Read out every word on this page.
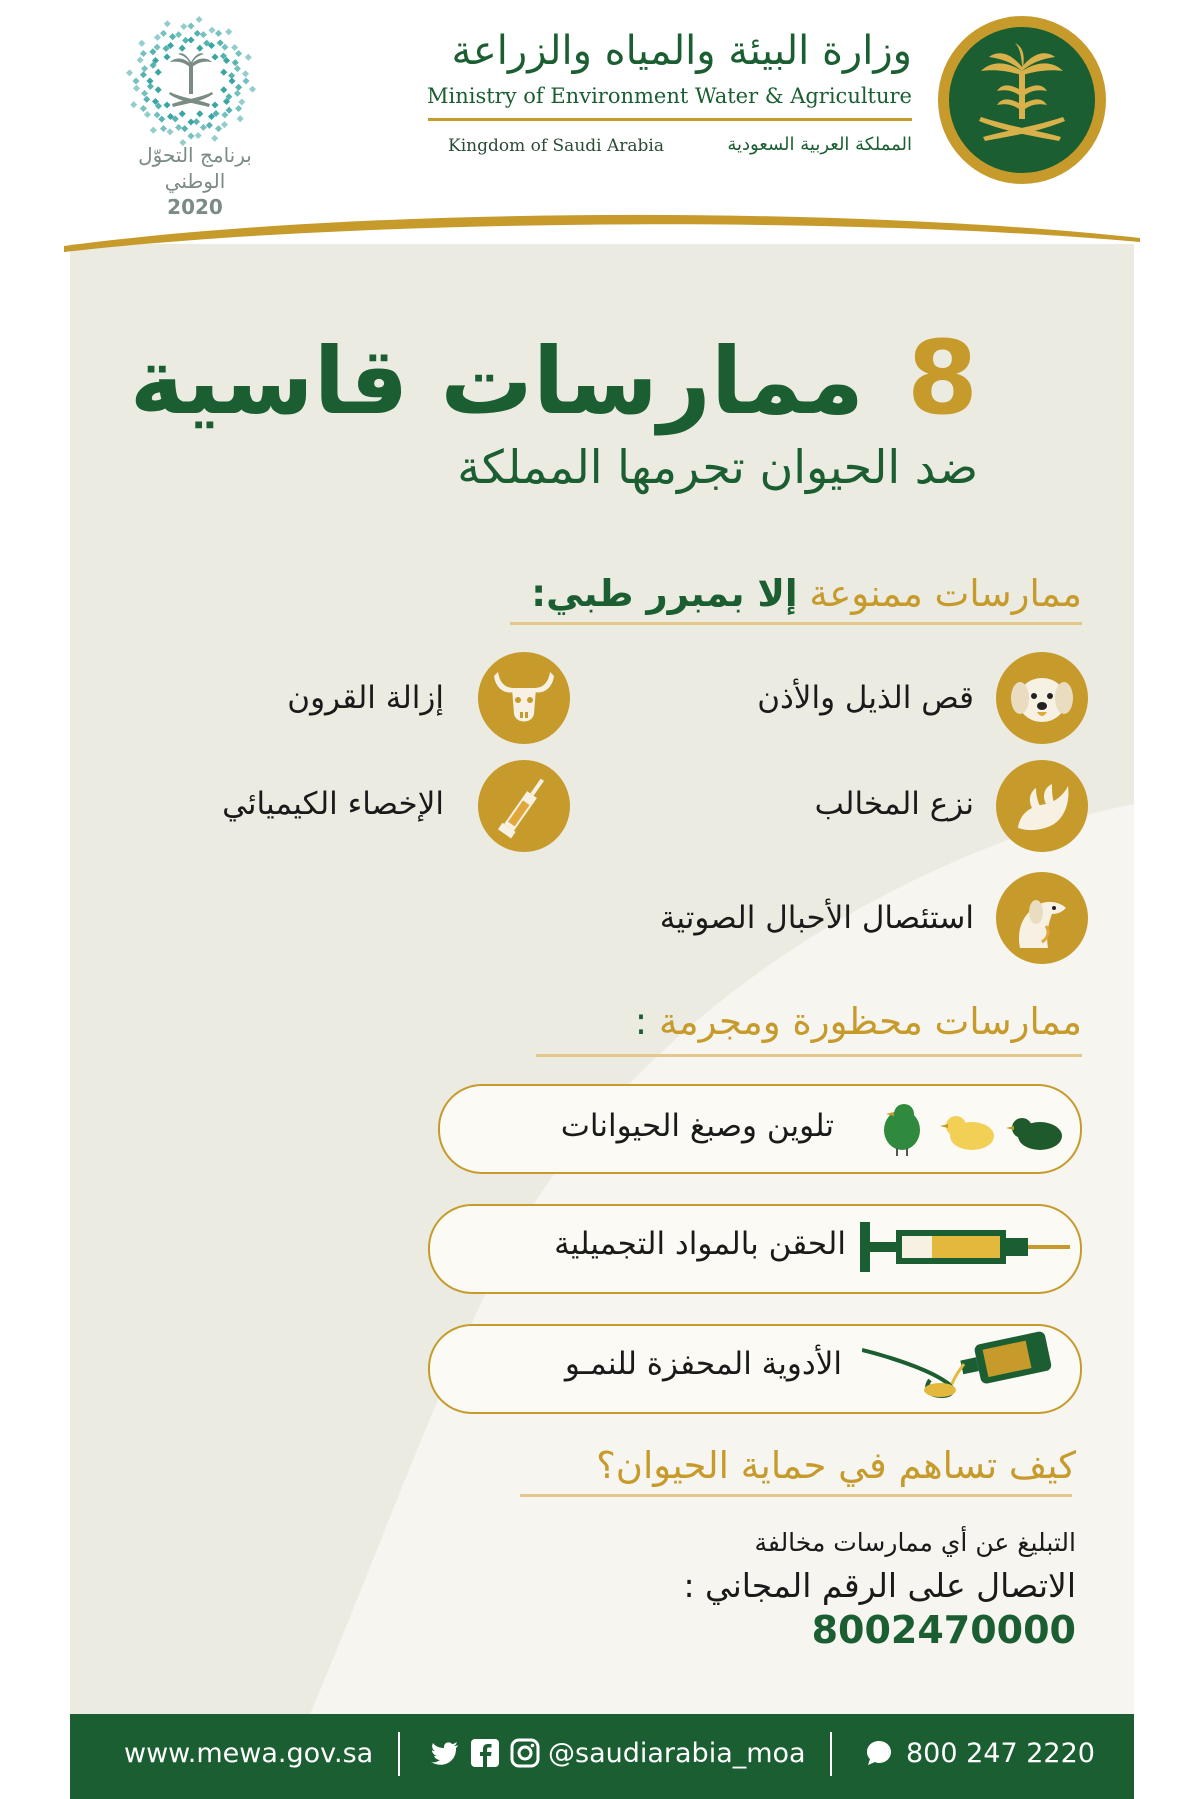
وزارة البيئة والمياه والزراعة
Ministry of Environment Water & Agriculture
Kingdom of Saudi Arabia	المملكة العربية السعودية
برنامج التحوّل الوطني
2020
8
ممارسات قاسية
ضد الحيوان تجرمها المملكة
ممارسات ممنوعة إلا بمبرر طبي:
قص الذيل والأذن
إزالة القرون
نزع المخالب
الإخصاء الكيميائي
استئصال الأحبال الصوتية
ممارسات محظورة ومجرمة :
تلوين وصبغ الحيوانات
الحقن بالمواد التجميلية
الأدوية المحفزة للنمـو
كيف تساهم في حماية الحيوان؟
التبليغ عن أي ممارسات مخالفة
الاتصال على الرقم المجاني :
8002470000
www.mewa.gov.sa	@saudiarabia_moa	800 247 2220
